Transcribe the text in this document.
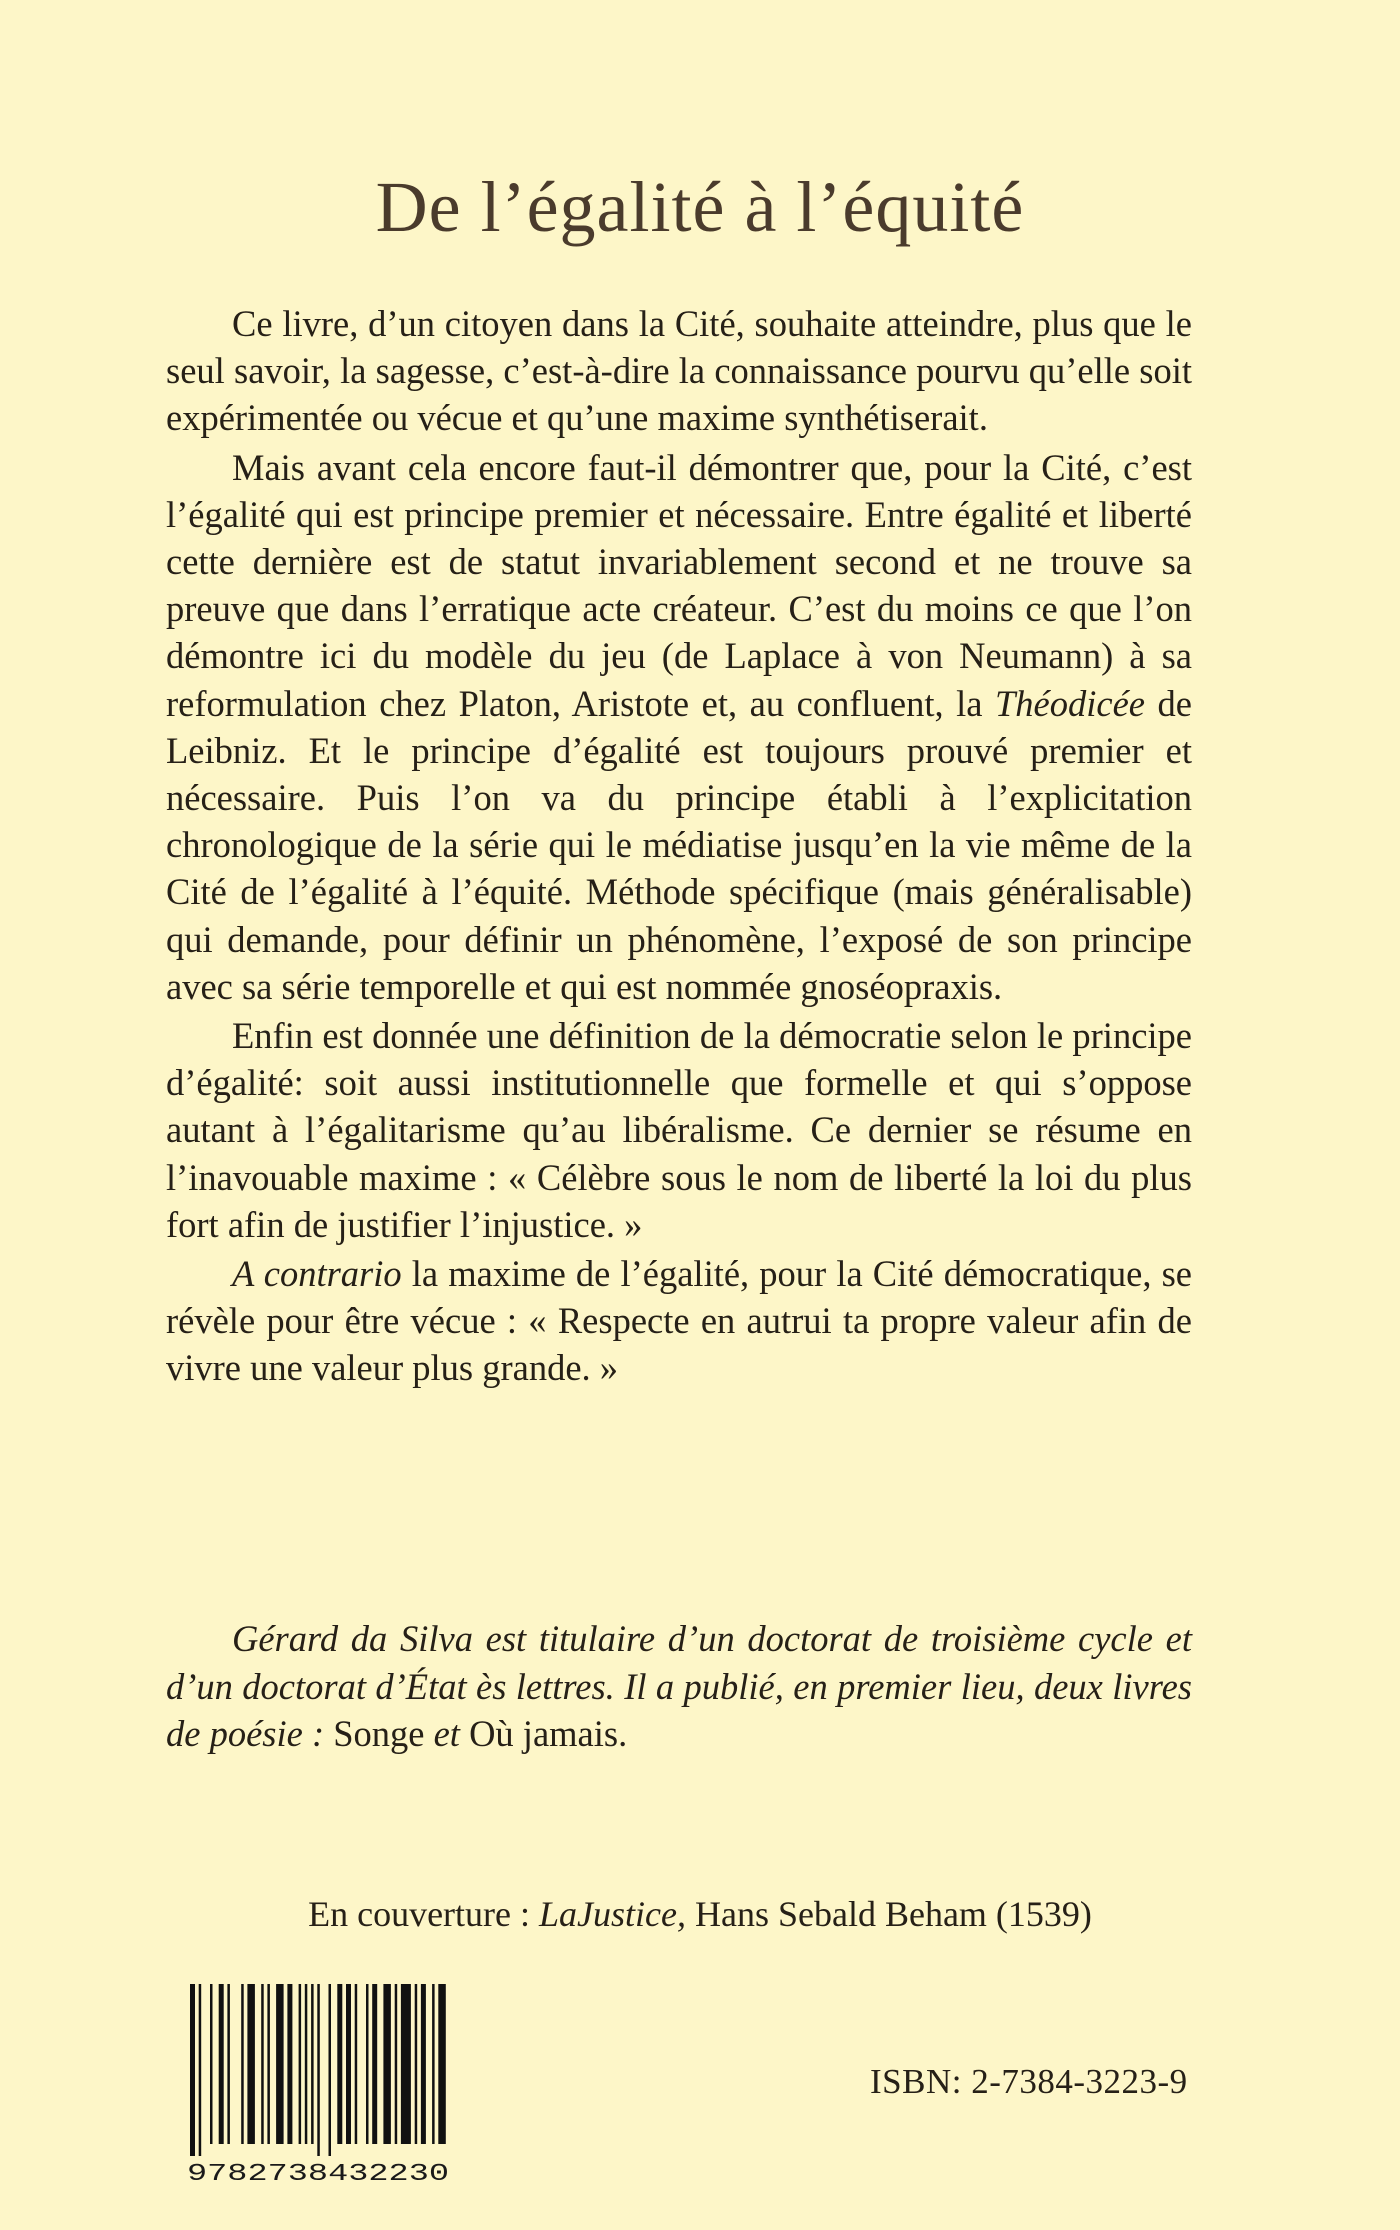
De l’égalité à l’équité

Ce livre, d’un citoyen dans la Cité, souhaite atteindre, plus que le seul savoir, la sagesse, c’est-à-dire la connaissance pourvu qu’elle soit expérimentée ou vécue et qu’une maxime synthétiserait.

Mais avant cela encore faut-il démontrer que, pour la Cité, c’est l’égalité qui est principe premier et nécessaire. Entre égalité et liberté cette dernière est de statut invariablement second et ne trouve sa preuve que dans l’erratique acte créateur. C’est du moins ce que l’on démontre ici du modèle du jeu (de Laplace à von Neumann) à sa reformulation chez Platon, Aristote et, au confluent, la Théodicée de Leibniz. Et le principe d’égalité est toujours prouvé premier et nécessaire. Puis l’on va du principe établi à l’explicitation chronologique de la série qui le médiatise jusqu’en la vie même de la Cité de l’égalité à l’équité. Méthode spécifique (mais généralisable) qui demande, pour définir un phénomène, l’exposé de son principe avec sa série temporelle et qui est nommée gnoséopraxis.

Enfin est donnée une définition de la démocratie selon le principe d’égalité: soit aussi institutionnelle que formelle et qui s’oppose autant à l’égalitarisme qu’au libéralisme. Ce dernier se résume en l’inavouable maxime : « Célèbre sous le nom de liberté la loi du plus fort afin de justifier l’injustice. »

A contrario la maxime de l’égalité, pour la Cité démocratique, se révèle pour être vécue : « Respecte en autrui ta propre valeur afin de vivre une valeur plus grande. »

Gérard da Silva est titulaire d’un doctorat de troisième cycle et d’un doctorat d’État ès lettres. Il a publié, en premier lieu, deux livres de poésie : Songe et Où jamais.

En couverture : LaJustice, Hans Sebald Beham (1539)
9782738432230
ISBN: 2-7384-3223-9
